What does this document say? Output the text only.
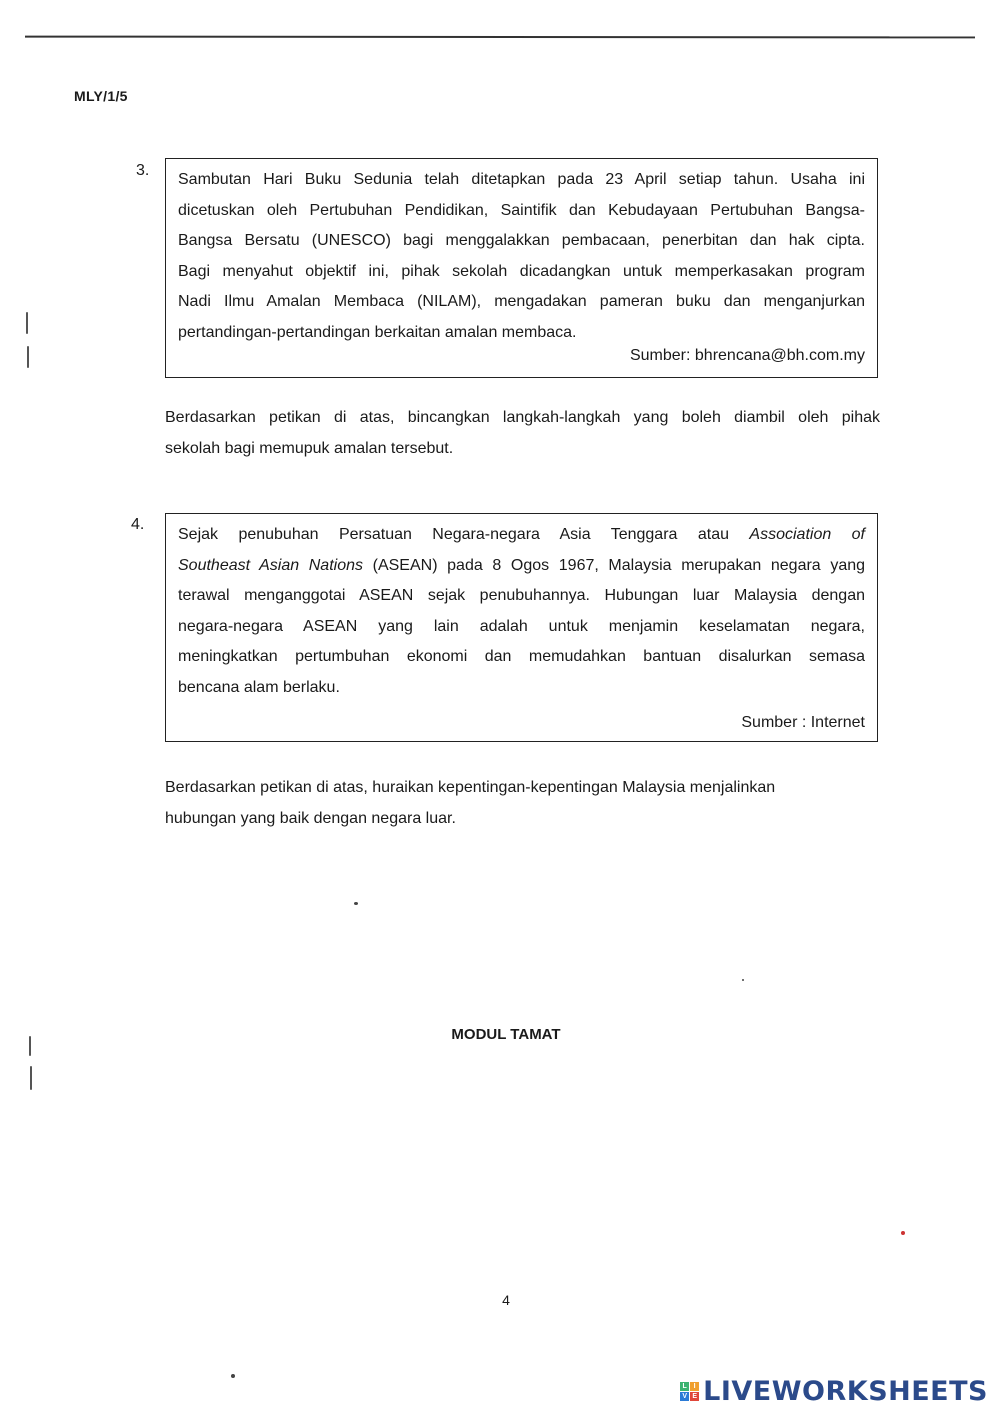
MLY/1/5
3.

Sambutan Hari Buku Sedunia telah ditetapkan pada 23 April setiap tahun. Usaha ini

dicetuskan oleh Pertubuhan Pendidikan, Saintifik dan Kebudayaan Pertubuhan Bangsa-

Bangsa Bersatu (UNESCO) bagi menggalakkan pembacaan, penerbitan dan hak cipta.

Bagi menyahut objektif ini, pihak sekolah dicadangkan untuk memperkasakan program

Nadi Ilmu Amalan Membaca (NILAM), mengadakan pameran buku dan menganjurkan

pertandingan-pertandingan berkaitan amalan membaca.

Sumber: bhrencana@bh.com.my
Berdasarkan petikan di atas, bincangkan langkah-langkah yang boleh diambil oleh pihak
sekolah bagi memupuk amalan tersebut.
4.

Sejak penubuhan Persatuan Negara-negara Asia Tenggara atau Association of

Southeast Asian Nations (ASEAN) pada 8 Ogos 1967, Malaysia merupakan negara yang

terawal menganggotai ASEAN sejak penubuhannya. Hubungan luar Malaysia dengan

negara-negara ASEAN yang lain adalah untuk menjamin keselamatan negara,

meningkatkan pertumbuhan ekonomi dan memudahkan bantuan disalurkan semasa

bencana alam berlaku.

Sumber : Internet
Berdasarkan petikan di atas, huraikan kepentingan-kepentingan Malaysia menjalinkan
hubungan yang baik dengan negara luar.
MODUL TAMAT
4
L I
V E LIVEWORKSHEETS
